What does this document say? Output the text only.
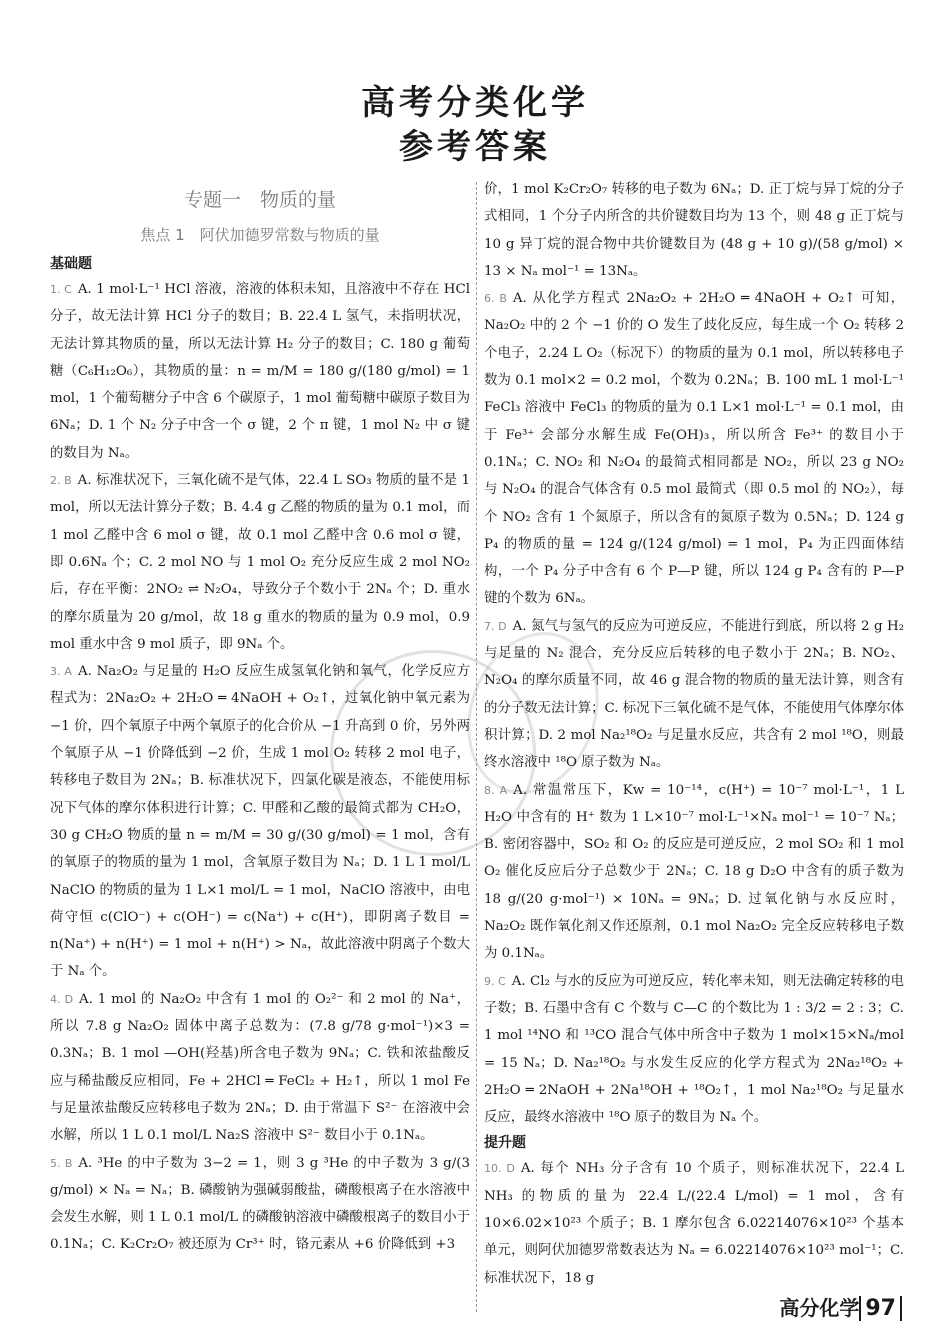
高考分类化学
参考答案
专题一　物质的量
焦点 1　阿伏加德罗常数与物质的量
基础题

1. C A. 1 mol·L⁻¹ HCl 溶液，溶液的体积未知，且溶液中不存在 HCl 分子，故无法计算 HCl 分子的数目；B. 22.4 L 氢气，未指明状况，无法计算其物质的量，所以无法计算 H₂ 分子的数目；C. 180 g 葡萄糖（C₆H₁₂O₆），其物质的量：n = m/M = 180 g/(180 g/mol) = 1 mol，1 个葡萄糖分子中含 6 个碳原子，1 mol 葡萄糖中碳原子数目为 6Nₐ；D. 1 个 N₂ 分子中含一个 σ 键，2 个 π 键，1 mol N₂ 中 σ 键的数目为 Nₐ。

2. B A. 标准状况下，三氧化硫不是气体，22.4 L SO₃ 物质的量不是 1 mol，所以无法计算分子数；B. 4.4 g 乙醛的物质的量为 0.1 mol，而 1 mol 乙醛中含 6 mol σ 键，故 0.1 mol 乙醛中含 0.6 mol σ 键，即 0.6Nₐ 个；C. 2 mol NO 与 1 mol O₂ 充分反应生成 2 mol NO₂ 后，存在平衡：2NO₂ ⇌ N₂O₄，导致分子个数小于 2Nₐ 个；D. 重水的摩尔质量为 20 g/mol，故 18 g 重水的物质的量为 0.9 mol，0.9 mol 重水中含 9 mol 质子，即 9Nₐ 个。

3. A A. Na₂O₂ 与足量的 H₂O 反应生成氢氧化钠和氧气，化学反应方程式为：2Na₂O₂ + 2H₂O ═ 4NaOH + O₂↑，过氧化钠中氧元素为 −1 价，四个氧原子中两个氧原子的化合价从 −1 升高到 0 价，另外两个氧原子从 −1 价降低到 −2 价，生成 1 mol O₂ 转移 2 mol 电子，转移电子数目为 2Nₐ；B. 标准状况下，四氯化碳是液态，不能使用标况下气体的摩尔体积进行计算；C. 甲醛和乙酸的最简式都为 CH₂O，30 g CH₂O 物质的量 n = m/M = 30 g/(30 g/mol) = 1 mol，含有的氧原子的物质的量为 1 mol，含氧原子数目为 Nₐ；D. 1 L 1 mol/L NaClO 的物质的量为 1 L×1 mol/L = 1 mol，NaClO 溶液中，由电荷守恒 c(ClO⁻) + c(OH⁻) = c(Na⁺) + c(H⁺)，即阴离子数目 = n(Na⁺) + n(H⁺) = 1 mol + n(H⁺) > Nₐ，故此溶液中阴离子个数大于 Nₐ 个。

4. D A. 1 mol 的 Na₂O₂ 中含有 1 mol 的 O₂²⁻ 和 2 mol 的 Na⁺，所以 7.8 g Na₂O₂ 固体中离子总数为：(7.8 g/78 g·mol⁻¹)×3 = 0.3Nₐ；B. 1 mol —OH(羟基)所含电子数为 9Nₐ；C. 铁和浓盐酸反应与稀盐酸反应相同，Fe + 2HCl ═ FeCl₂ + H₂↑，所以 1 mol Fe 与足量浓盐酸反应转移电子数为 2Nₐ；D. 由于常温下 S²⁻ 在溶液中会水解，所以 1 L 0.1 mol/L Na₂S 溶液中 S²⁻ 数目小于 0.1Nₐ。

5. B A. ³He 的中子数为 3−2 = 1，则 3 g ³He 的中子数为 3 g/(3 g/mol) × Nₐ = Nₐ；B. 磷酸钠为强碱弱酸盐，磷酸根离子在水溶液中会发生水解，则 1 L 0.1 mol/L 的磷酸钠溶液中磷酸根离子的数目小于 0.1Nₐ；C. K₂Cr₂O₇ 被还原为 Cr³⁺ 时，铬元素从 +6 价降低到 +3

价，1 mol K₂Cr₂O₇ 转移的电子数为 6Nₐ；D. 正丁烷与异丁烷的分子式相同，1 个分子内所含的共价键数目均为 13 个，则 48 g 正丁烷与 10 g 异丁烷的混合物中共价键数目为 (48 g + 10 g)/(58 g/mol) × 13 × Nₐ mol⁻¹ = 13Nₐ。

6. B A. 从化学方程式 2Na₂O₂ + 2H₂O ═ 4NaOH + O₂↑ 可知，Na₂O₂ 中的 2 个 −1 价的 O 发生了歧化反应，每生成一个 O₂ 转移 2 个电子，2.24 L O₂（标况下）的物质的量为 0.1 mol，所以转移电子数为 0.1 mol×2 = 0.2 mol，个数为 0.2Nₐ；B. 100 mL 1 mol·L⁻¹ FeCl₃ 溶液中 FeCl₃ 的物质的量为 0.1 L×1 mol·L⁻¹ = 0.1 mol，由于 Fe³⁺ 会部分水解生成 Fe(OH)₃，所以所含 Fe³⁺ 的数目小于 0.1Nₐ；C. NO₂ 和 N₂O₄ 的最简式相同都是 NO₂，所以 23 g NO₂ 与 N₂O₄ 的混合气体含有 0.5 mol 最简式（即 0.5 mol 的 NO₂），每个 NO₂ 含有 1 个氮原子，所以含有的氮原子数为 0.5Nₐ；D. 124 g P₄ 的物质的量 = 124 g/(124 g/mol) = 1 mol，P₄ 为正四面体结构，一个 P₄ 分子中含有 6 个 P—P 键，所以 124 g P₄ 含有的 P—P 键的个数为 6Nₐ。

7. D A. 氮气与氢气的反应为可逆反应，不能进行到底，所以将 2 g H₂ 与足量的 N₂ 混合，充分反应后转移的电子数小于 2Nₐ；B. NO₂、N₂O₄ 的摩尔质量不同，故 46 g 混合物的物质的量无法计算，则含有的分子数无法计算；C. 标况下三氧化硫不是气体，不能使用气体摩尔体积计算；D. 2 mol Na₂¹⁸O₂ 与足量水反应，共含有 2 mol ¹⁸O，则最终水溶液中 ¹⁸O 原子数为 Nₐ。

8. A A. 常温常压下，Kw = 10⁻¹⁴，c(H⁺) = 10⁻⁷ mol·L⁻¹，1 L H₂O 中含有的 H⁺ 数为 1 L×10⁻⁷ mol·L⁻¹×Nₐ mol⁻¹ = 10⁻⁷ Nₐ；B. 密闭容器中，SO₂ 和 O₂ 的反应是可逆反应，2 mol SO₂ 和 1 mol O₂ 催化反应后分子总数少于 2Nₐ；C. 18 g D₂O 中含有的质子数为 18 g/(20 g·mol⁻¹) × 10Nₐ = 9Nₐ；D. 过氧化钠与水反应时，Na₂O₂ 既作氧化剂又作还原剂，0.1 mol Na₂O₂ 完全反应转移电子数为 0.1Nₐ。

9. C A. Cl₂ 与水的反应为可逆反应，转化率未知，则无法确定转移的电子数；B. 石墨中含有 C 个数与 C—C 的个数比为 1 : 3/2 = 2 : 3；C. 1 mol ¹⁴NO 和 ¹³CO 混合气体中所含中子数为 1 mol×15×Nₐ/mol = 15 Nₐ；D. Na₂¹⁸O₂ 与水发生反应的化学方程式为 2Na₂¹⁸O₂ + 2H₂O ═ 2NaOH + 2Na¹⁸OH + ¹⁸O₂↑，1 mol Na₂¹⁸O₂ 与足量水反应，最终水溶液中 ¹⁸O 原子的数目为 Nₐ 个。

提升题

10. D A. 每个 NH₃ 分子含有 10 个质子，则标准状况下，22.4 L NH₃ 的物质的量为 22.4 L/(22.4 L/mol) = 1 mol，含有 10×6.02×10²³ 个质子；B. 1 摩尔包含 6.02214076×10²³ 个基本单元，则阿伏加德罗常数表达为 Nₐ = 6.02214076×10²³ mol⁻¹；C. 标准状况下，18 g

高分化学 97
